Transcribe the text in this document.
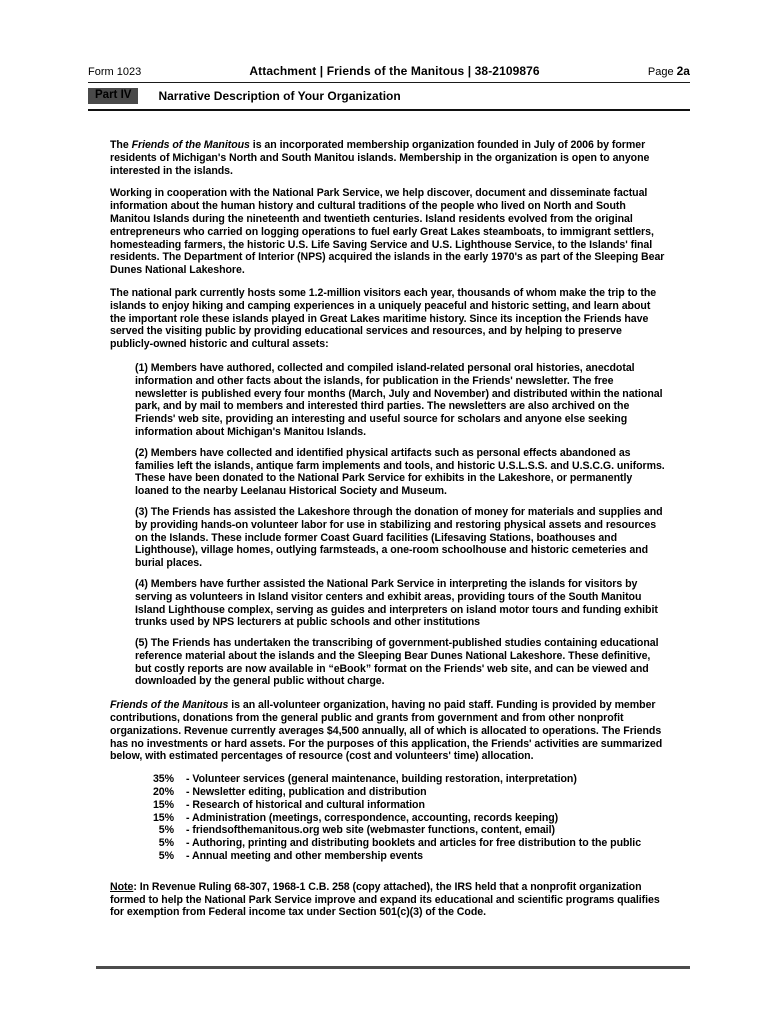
Form 1023	Attachment | Friends of the Manitous | 38-2109876	Page 2a
Part IV	Narrative Description of Your Organization

The Friends of the Manitous is an incorporated membership organization founded in July of 2006 by former residents of Michigan's North and South Manitou islands. Membership in the organization is open to anyone interested in the islands.

Working in cooperation with the National Park Service, we help discover, document and disseminate factual information about the human history and cultural traditions of the people who lived on North and South Manitou Islands during the nineteenth and twentieth centuries. Island residents evolved from the original entrepreneurs who carried on logging operations to fuel early Great Lakes steamboats, to immigrant settlers, homesteading farmers, the historic U.S. Life Saving Service and U.S. Lighthouse Service, to the Islands' final residents. The Department of Interior (NPS) acquired the islands in the early 1970's as part of the Sleeping Bear Dunes National Lakeshore.

The national park currently hosts some 1.2-million visitors each year, thousands of whom make the trip to the islands to enjoy hiking and camping experiences in a uniquely peaceful and historic setting, and learn about the important role these islands played in Great Lakes maritime history. Since its inception the Friends have served the visiting public by providing educational services and resources, and by helping to preserve publicly-owned historic and cultural assets:

(1) Members have authored, collected and compiled island-related personal oral histories, anecdotal information and other facts about the islands, for publication in the Friends' newsletter. The free newsletter is published every four months (March, July and November) and distributed within the national park, and by mail to members and interested third parties. The newsletters are also archived on the Friends' web site, providing an interesting and useful source for scholars and anyone else seeking information about Michigan's Manitou Islands.

(2) Members have collected and identified physical artifacts such as personal effects abandoned as families left the islands, antique farm implements and tools, and historic U.S.L.S.S. and U.S.C.G. uniforms. These have been donated to the National Park Service for exhibits in the Lakeshore, or permanently loaned to the nearby Leelanau Historical Society and Museum.

(3) The Friends has assisted the Lakeshore through the donation of money for materials and supplies and by providing hands-on volunteer labor for use in stabilizing and restoring physical assets and resources on the Islands. These include former Coast Guard facilities (Lifesaving Stations, boathouses and Lighthouse), village homes, outlying farmsteads, a one-room schoolhouse and historic cemeteries and burial places.

(4) Members have further assisted the National Park Service in interpreting the islands for visitors by serving as volunteers in Island visitor centers and exhibit areas, providing tours of the South Manitou Island Lighthouse complex, serving as guides and interpreters on island motor tours and funding exhibit trunks used by NPS lecturers at public schools and other institutions

(5) The Friends has undertaken the transcribing of government-published studies containing educational reference material about the islands and the Sleeping Bear Dunes National Lakeshore. These definitive, but costly reports are now available in “eBook” format on the Friends' web site, and can be viewed and downloaded by the general public without charge.

Friends of the Manitous is an all-volunteer organization, having no paid staff. Funding is provided by member contributions, donations from the general public and grants from government and from other nonprofit organizations. Revenue currently averages $4,500 annually, all of which is allocated to operations. The Friends has no investments or hard assets. For the purposes of this application, the Friends' activities are summarized below, with estimated percentages of resource (cost and volunteers' time) allocation.

35% - Volunteer services (general maintenance, building restoration, interpretation)
20% - Newsletter editing, publication and distribution
15% - Research of historical and cultural information
15% - Administration (meetings, correspondence, accounting, records keeping)
5% - friendsofthemanitous.org web site (webmaster functions, content, email)
5% - Authoring, printing and distributing booklets and articles for free distribution to the public
5% - Annual meeting and other membership events

Note: In Revenue Ruling 68-307, 1968-1 C.B. 258 (copy attached), the IRS held that a nonprofit organization formed to help the National Park Service improve and expand its educational and scientific programs qualifies for exemption from Federal income tax under Section 501(c)(3) of the Code.
